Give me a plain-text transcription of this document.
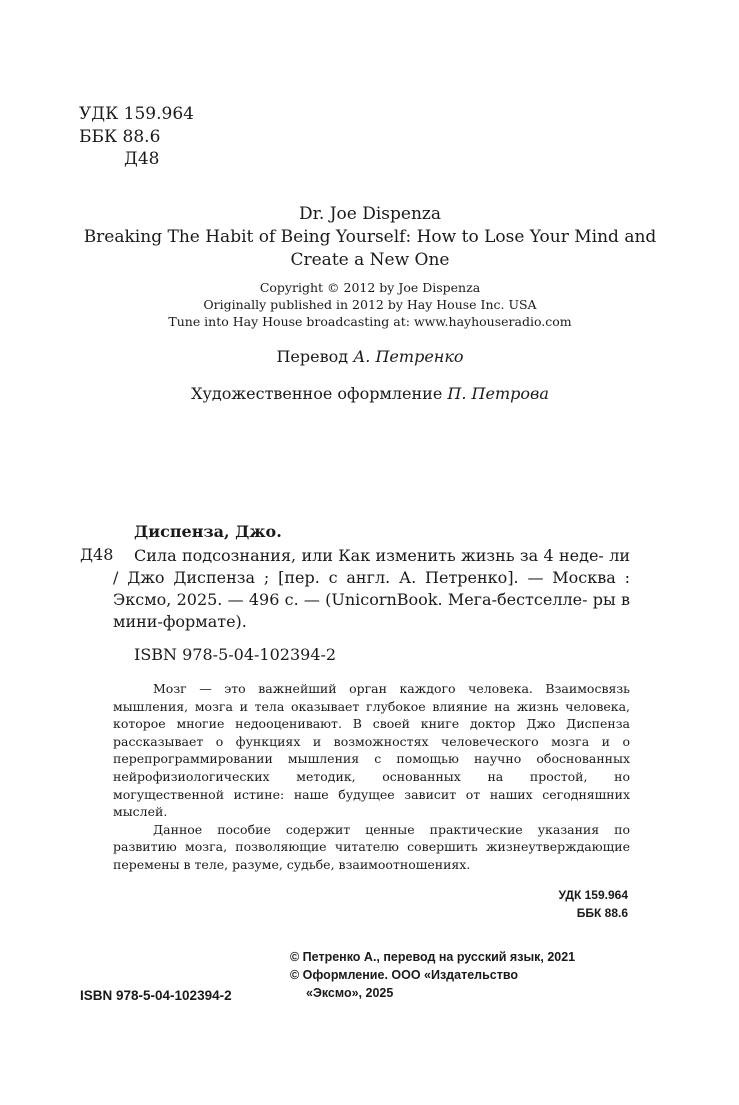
УДК 159.964
ББК 88.6
Д48
Dr. Joe Dispenza
Breaking The Habit of Being Yourself: How to Lose Your Mind and
Create a New One
Copyright © 2012 by Joe Dispenza
Originally published in 2012 by Hay House Inc. USA
Tune into Hay House broadcasting at: www.hayhouseradio.com
Перевод А. Петренко
Художественное оформление П. Петрова
Диспенза, Джо.
Д48	Сила подсознания, или Как изменить жизнь за 4 неде- ли / Джо Диспенза ; [пер. с англ. А. Петренко]. — Москва : Эксмо, 2025. — 496 с. — (UnicornBook. Мега-бестселле- ры в мини-формате).
ISBN 978-5-04-102394-2

Мозг — это важнейший орган каждого человека. Взаимосвязь мышления, мозга и тела оказывает глубокое влияние на жизнь человека, которое многие недооценивают. В своей книге доктор Джо Диспенза рассказывает о функциях и возможностях человеческого мозга и о перепрограммировании мышления с помощью научно обоснованных нейрофизиологических методик, основанных на простой, но могущественной истине: наше будущее зависит от наших сегодняшних мыслей.

Данное пособие содержит ценные практические указания по развитию мозга, позволяющие читателю совершить жизнеутверждающие перемены в теле, разуме, судьбе, взаимоотношениях.

УДК 159.964
ББК 88.6
ISBN 978-5-04-102394-2
© Петренко А., перевод на русский язык, 2021
© Оформление. ООО «Издательство
«Эксмо», 2025
